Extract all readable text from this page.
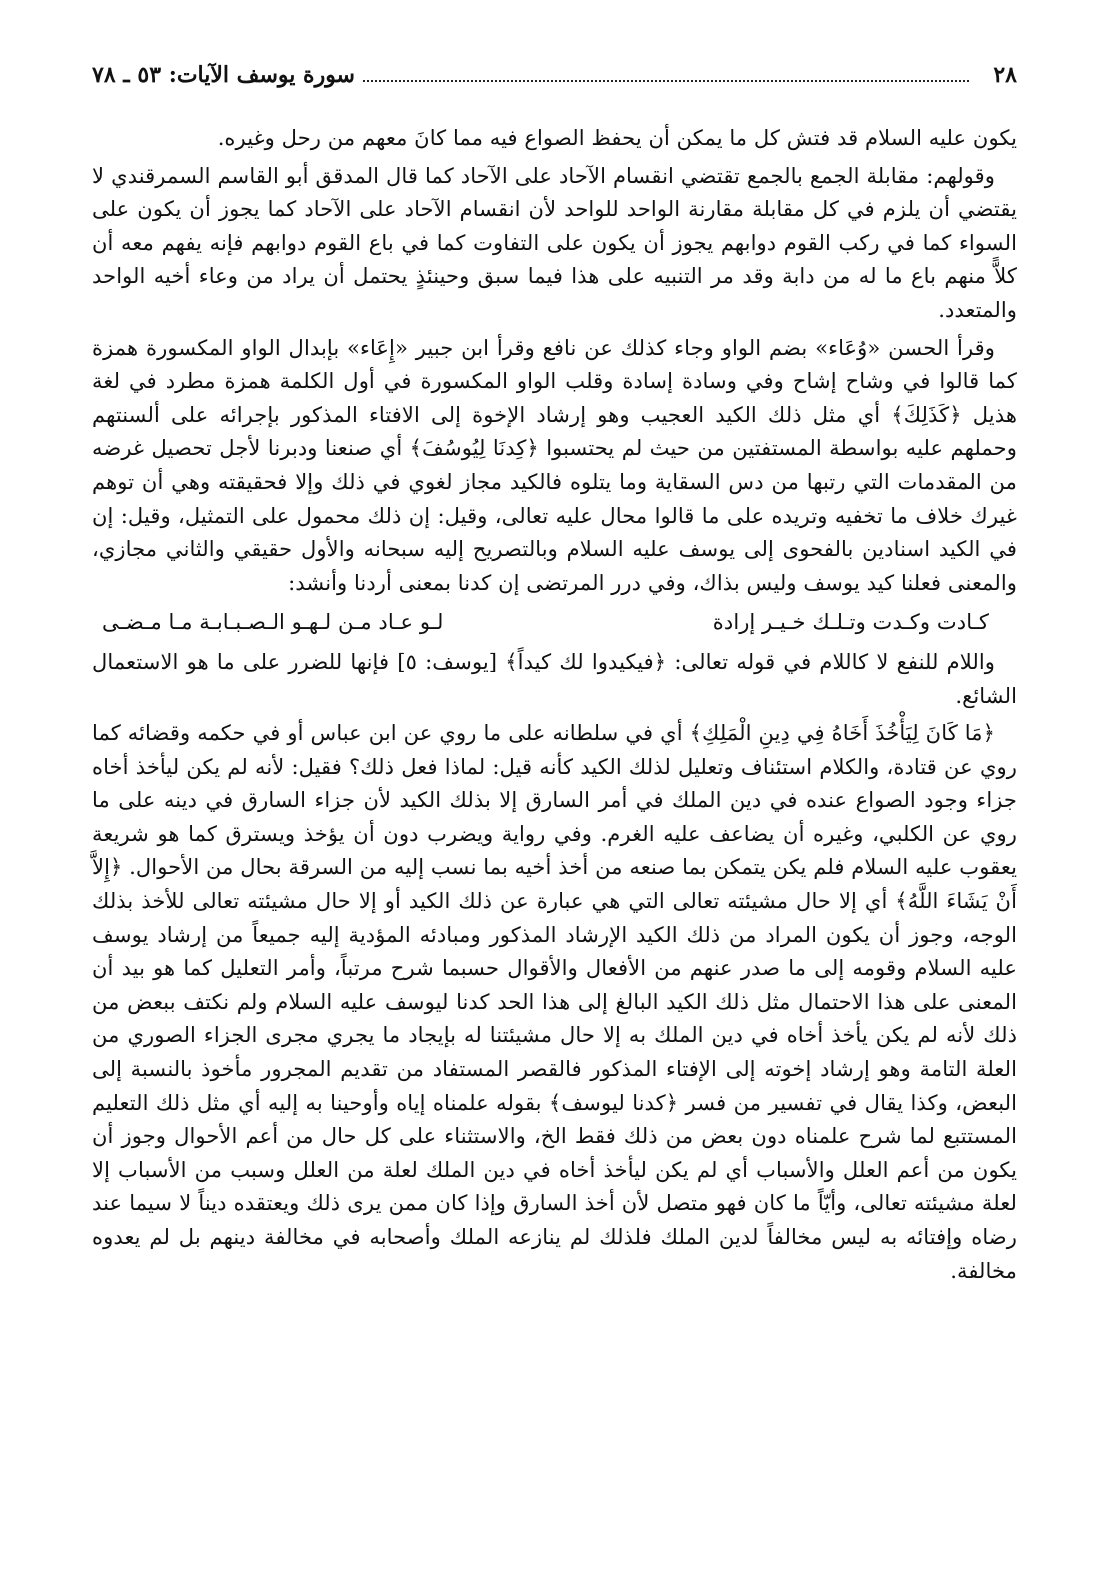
٢٨
سورة يوسف الآيات: ٥٣ ـ ٧٨

يكون عليه السلام قد فتش كل ما يمكن أن يحفظ الصواع فيه مما كانَ معهم من رحل وغيره.

وقولهم: مقابلة الجمع بالجمع تقتضي انقسام الآحاد على الآحاد كما قال المدقق أبو القاسم السمرقندي لا يقتضي أن يلزم في كل مقابلة مقارنة الواحد للواحد لأن انقسام الآحاد على الآحاد كما يجوز أن يكون على السواء كما في ركب القوم دوابهم يجوز أن يكون على التفاوت كما في باع القوم دوابهم فإنه يفهم معه أن كلاًّ منهم باع ما له من دابة وقد مر التنبيه على هذا فيما سبق وحينئذٍ يحتمل أن يراد من وعاء أخيه الواحد والمتعدد.

وقرأ الحسن «وُعَاء» بضم الواو وجاء كذلك عن نافع وقرأ ابن جبير «إِعَاء» بإبدال الواو المكسورة همزة كما قالوا في وشاح إشاح وفي وسادة إسادة وقلب الواو المكسورة في أول الكلمة همزة مطرد في لغة هذيل ﴿كَذَلِكَ﴾ أي مثل ذلك الكيد العجيب وهو إرشاد الإخوة إلى الافتاء المذكور بإجرائه على ألسنتهم وحملهم عليه بواسطة المستفتين من حيث لم يحتسبوا ﴿كِدنَا لِيُوسُفَ﴾ أي صنعنا ودبرنا لأجل تحصيل غرضه من المقدمات التي رتبها من دس السقاية وما يتلوه فالكيد مجاز لغوي في ذلك وإلا فحقيقته وهي أن توهم غيرك خلاف ما تخفيه وتريده على ما قالوا محال عليه تعالى، وقيل: إن ذلك محمول على التمثيل، وقيل: إن في الكيد اسنادين بالفحوى إلى يوسف عليه السلام وبالتصريح إليه سبحانه والأول حقيقي والثاني مجازي، والمعنى فعلنا كيد يوسف وليس بذاك، وفي درر المرتضى إن كدنا بمعنى أردنا وأنشد:

كـادت وكـدت وتـلـك خـيـر إرادة
لـو عـاد مـن لـهـو الـصـبـابـة مـا مـضـى

واللام للنفع لا كاللام في قوله تعالى: ﴿فيكيدوا لك كيداً﴾ [يوسف: ٥] فإنها للضرر على ما هو الاستعمال الشائع.

﴿مَا كَانَ لِيَأْخُذَ أَخَاهُ فِي دِينِ الْمَلِكِ﴾ أي في سلطانه على ما روي عن ابن عباس أو في حكمه وقضائه كما روي عن قتادة، والكلام استئناف وتعليل لذلك الكيد كأنه قيل: لماذا فعل ذلك؟ فقيل: لأنه لم يكن ليأخذ أخاه جزاء وجود الصواع عنده في دين الملك في أمر السارق إلا بذلك الكيد لأن جزاء السارق في دينه على ما روي عن الكلبي، وغيره أن يضاعف عليه الغرم. وفي رواية ويضرب دون أن يؤخذ ويسترق كما هو شريعة يعقوب عليه السلام فلم يكن يتمكن بما صنعه من أخذ أخيه بما نسب إليه من السرقة بحال من الأحوال. ﴿إِلاَّ أَنْ يَشَاءَ اللَّهُ﴾ أي إلا حال مشيئته تعالى التي هي عبارة عن ذلك الكيد أو إلا حال مشيئته تعالى للأخذ بذلك الوجه، وجوز أن يكون المراد من ذلك الكيد الإرشاد المذكور ومبادئه المؤدية إليه جميعاً من إرشاد يوسف عليه السلام وقومه إلى ما صدر عنهم من الأفعال والأقوال حسبما شرح مرتباً، وأمر التعليل كما هو بيد أن المعنى على هذا الاحتمال مثل ذلك الكيد البالغ إلى هذا الحد كدنا ليوسف عليه السلام ولم نكتف ببعض من ذلك لأنه لم يكن يأخذ أخاه في دين الملك به إلا حال مشيئتنا له بإيجاد ما يجري مجرى الجزاء الصوري من العلة التامة وهو إرشاد إخوته إلى الإفتاء المذكور فالقصر المستفاد من تقديم المجرور مأخوذ بالنسبة إلى البعض، وكذا يقال في تفسير من فسر ﴿كدنا ليوسف﴾ بقوله علمناه إياه وأوحينا به إليه أي مثل ذلك التعليم المستتبع لما شرح علمناه دون بعض من ذلك فقط الخ، والاستثناء على كل حال من أعم الأحوال وجوز أن يكون من أعم العلل والأسباب أي لم يكن ليأخذ أخاه في دين الملك لعلة من العلل وسبب من الأسباب إلا لعلة مشيئته تعالى، وأيّاً ما كان فهو متصل لأن أخذ السارق وإذا كان ممن يرى ذلك ويعتقده ديناً لا سيما عند رضاه وإفتائه به ليس مخالفاً لدين الملك فلذلك لم ينازعه الملك وأصحابه في مخالفة دينهم بل لم يعدوه مخالفة.
